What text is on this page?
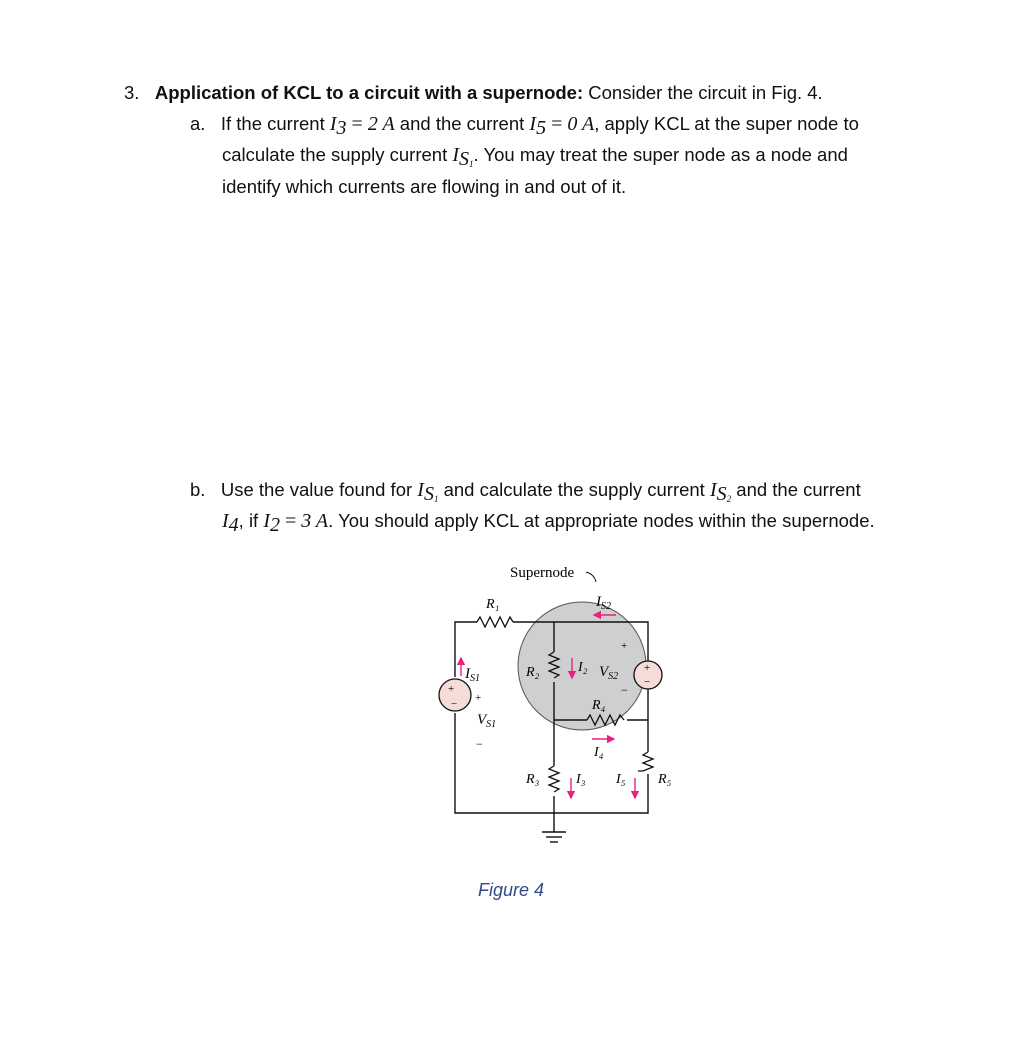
3. Application of KCL to a circuit with a supernode: Consider the circuit in Fig. 4.
a. If the current $I_3 = 2$ A and the current $I_5 = 0$ A, apply KCL at the super node to
calculate the supply current $I_{S_1}$. You may treat the super node as a node and
identify which currents are flowing in and out of it.
b. Use the value found for $I_{S_1}$ and calculate the supply current $I_{S_2}$ and the current
$I_4$, if $I_2 = 3$ A. You should apply KCL at appropriate nodes within the supernode.
Supernode
+
−
+
−
R₁
R₂
R₃
R₄
R₅
$I_{S1}$
$I_{S2}$
+
$V_{S1}$
−
+
$V_{S2}$
−
I₂
I₄
I₃ I₅
Figure 4
